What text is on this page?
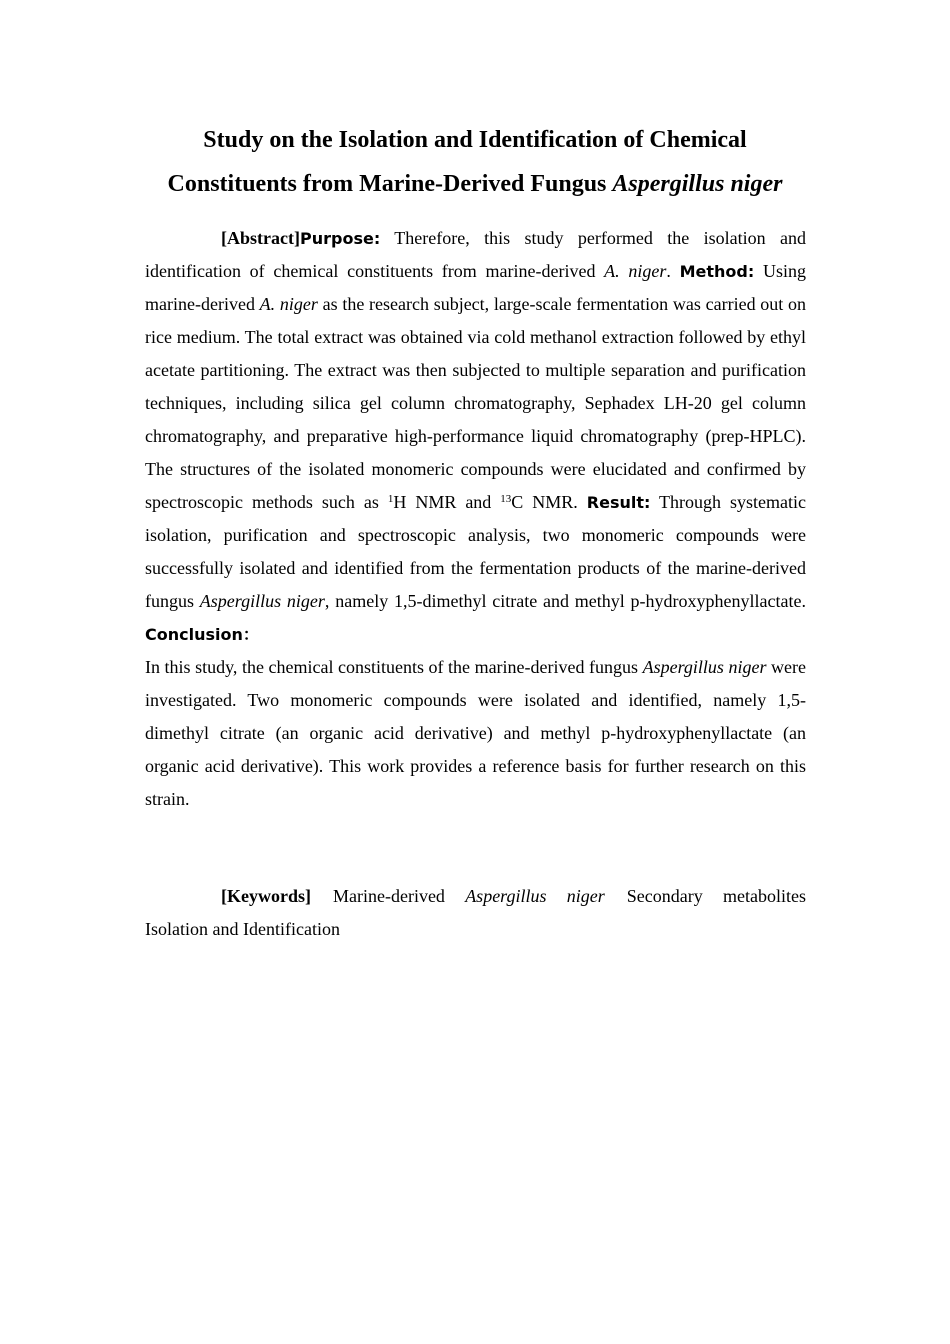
Study on the Isolation and Identification of Chemical
Constituents from Marine-Derived Fungus Aspergillus niger

[Abstract]Purpose: Therefore, this study performed the isolation and identification of chemical constituents from marine-derived A. niger. Method: Using marine-derived A. niger as the research subject, large-scale fermentation was carried out on rice medium. The total extract was obtained via cold methanol extraction followed by ethyl acetate partitioning. The extract was then subjected to multiple separation and purification techniques, including silica gel column chromatography, Sephadex LH-20 gel column chromatography, and preparative high-performance liquid chromatography (prep-HPLC). The structures of the isolated monomeric compounds were elucidated and confirmed by spectroscopic methods such as $^1$H NMR and $^{13}$C NMR. Result: Through systematic isolation, purification and spectroscopic analysis, two monomeric compounds were successfully isolated and identified from the fermentation products of the marine-derived fungus Aspergillus niger, namely 1,5-dimethyl citrate and methyl p-hydroxyphenyllactate. Conclusion：
In this study, the chemical constituents of the marine-derived fungus Aspergillus niger were investigated. Two monomeric compounds were isolated and identified, namely 1,5-dimethyl citrate (an organic acid derivative) and methyl p-hydroxyphenyllactate (an organic acid derivative). This work provides a reference basis for further research on this strain.

[Keywords] Marine-derived Aspergillus niger Secondary metabolites Isolation and Identification
